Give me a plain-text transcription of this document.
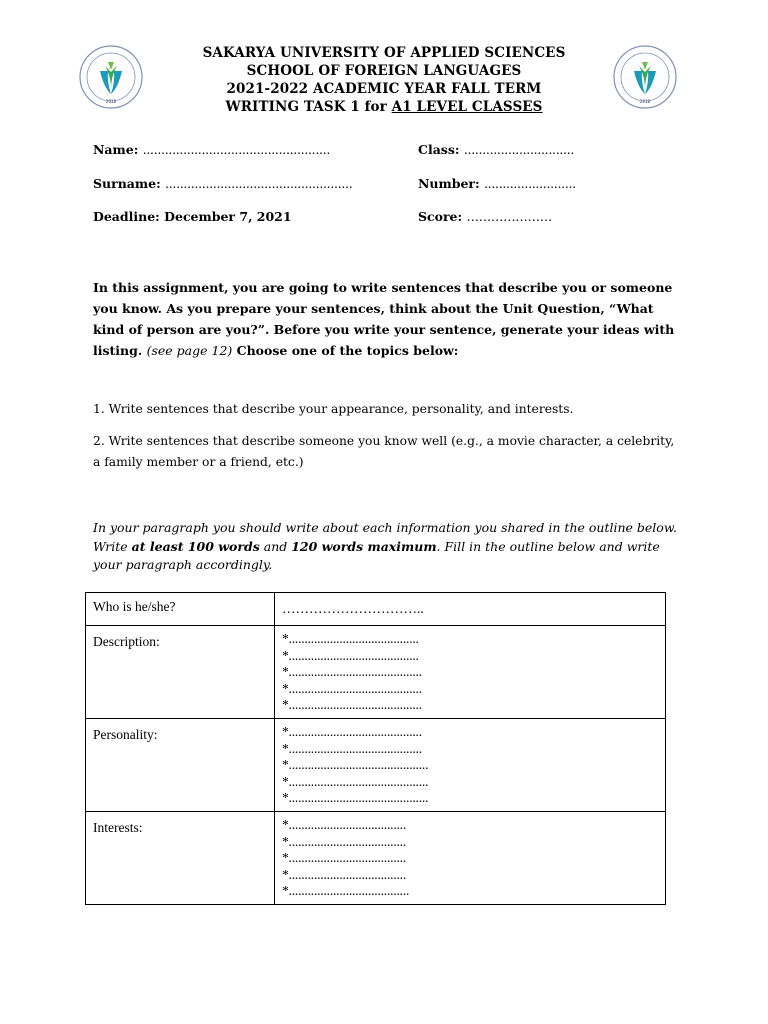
2018	2018
SAKARYA UNIVERSITY OF APPLIED SCIENCES
SCHOOL OF FOREIGN LANGUAGES
2021-2022 ACADEMIC YEAR FALL TERM
WRITING TASK 1 for A1 LEVEL CLASSES
Name: ...................................................	Class: ..............................
Surname: ...................................................	Number: .........................
Deadline: December 7, 2021	Score: …………………
In this assignment, you are going to write sentences that describe you or someone you know. As you prepare your sentences, think about the Unit Question, “What kind of person are you?”. Before you write your sentence, generate your ideas with listing. (see page 12) Choose one of the topics below:
1. Write sentences that describe your appearance, personality, and interests.
2. Write sentences that describe someone you know well (e.g., a movie character, a celebrity, a family member or a friend, etc.)
In your paragraph you should write about each information you shared in the outline below. Write at least 100 words and 120 words maximum. Fill in the outline below and write your paragraph accordingly.
Who is he/she?	…………………………..
Description:	*.........................................
*.........................................
*..........................................
*..........................................
*..........................................

Personality:	*..........................................
*..........................................
*............................................
*............................................
*............................................

Interests:	*.....................................
*.....................................
*.....................................
*.....................................
*......................................
